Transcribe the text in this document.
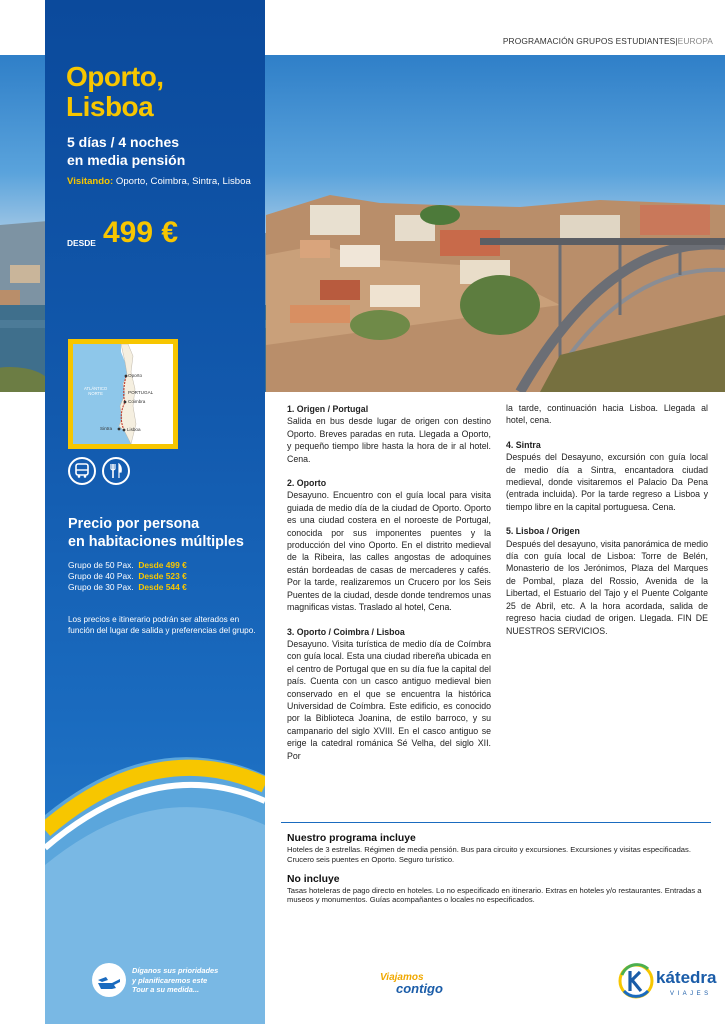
PROGRAMACIÓN GRUPOS ESTUDIANTES|EUROPA
Oporto,
Lisboa
5 días / 4 noches
en media pensión
Visitando: Oporto, Coimbra, Sintra, Lisboa
DESDE 499 €
ATLÁNTICO
NORTE	PORTUGAL
Oporto
Coimbra
Sintra	Lisboa
Precio por persona
en habitaciones múltiples
Grupo de 50 Pax. Desde 499 €
Grupo de 40 Pax. Desde 523 €
Grupo de 30 Pax. Desde 544 €
Los precios e itinerario podrán ser alterados en función del lugar de salida y preferencias del grupo.
Díganos sus prioridades
y planificaremos este
Tour a su medida...
1. Origen / Portugal

Salida en bus desde lugar de origen con destino Oporto. Breves paradas en ruta. Llegada a Oporto, y pequeño tiempo libre hasta la hora de ir al hotel. Cena.

2. Oporto

Desayuno. Encuentro con el guía local para visita guiada de medio día de la ciudad de Oporto. Oporto es una ciudad costera en el noroeste de Portugal, conocida por sus imponentes puentes y la producción del vino Oporto. En el distrito medieval de la Ribeira, las calles angostas de adoquines están bordeadas de casas de mercaderes y cafés. Por la tarde, realizaremos un Crucero por los Seis Puentes de la ciudad, desde donde tendremos unas magnificas vistas. Traslado al hotel, Cena.

3. Oporto / Coimbra / Lisboa

Desayuno. Visita turística de medio día de Coímbra con guía local. Esta una ciudad ribereña ubicada en el centro de Portugal que en su día fue la capital del país. Cuenta con un casco antiguo medieval bien conservado en el que se encuentra la histórica Universidad de Coímbra. Este edificio, es conocido por la Biblioteca Joanina, de estilo barroco, y su campanario del siglo XVIII. En el casco antiguo se erige la catedral románica Sé Velha, del siglo XII. Por

la tarde, continuación hacia Lisboa. Llegada al hotel, cena.

4. Sintra

Después del Desayuno, excursión con guía local de medio día a Sintra, encantadora ciudad medieval, donde visitaremos el Palacio Da Pena (entrada incluida). Por la tarde regreso a Lisboa y tiempo libre en la capital portuguesa. Cena.

5. Lisboa / Origen

Después del desayuno, visita panorámica de medio día con guía local de Lisboa: Torre de Belén, Monasterio de los Jerónimos, Plaza del Marques de Pombal, plaza del Rossio, Avenida de la Libertad, el Estuario del Tajo y el Puente Colgante 25 de Abril, etc. A la hora acordada, salida de regreso hacia ciudad de origen. Llegada. FIN DE NUESTROS SERVICIOS.

Nuestro programa incluye

Hoteles de 3 estrellas. Régimen de media pensión. Bus para circuito y excursiones. Excursiones y visitas especificadas. Crucero seis puentes en Oporto. Seguro turístico.

No incluye

Tasas hoteleras de pago directo en hoteles. Lo no especificado en itinerario. Extras en hoteles y/o restaurantes. Entradas a museos y monumentos. Guías acompañantes o locales no especificados.

Viajamos
contigo
kátedra
VIAJES
